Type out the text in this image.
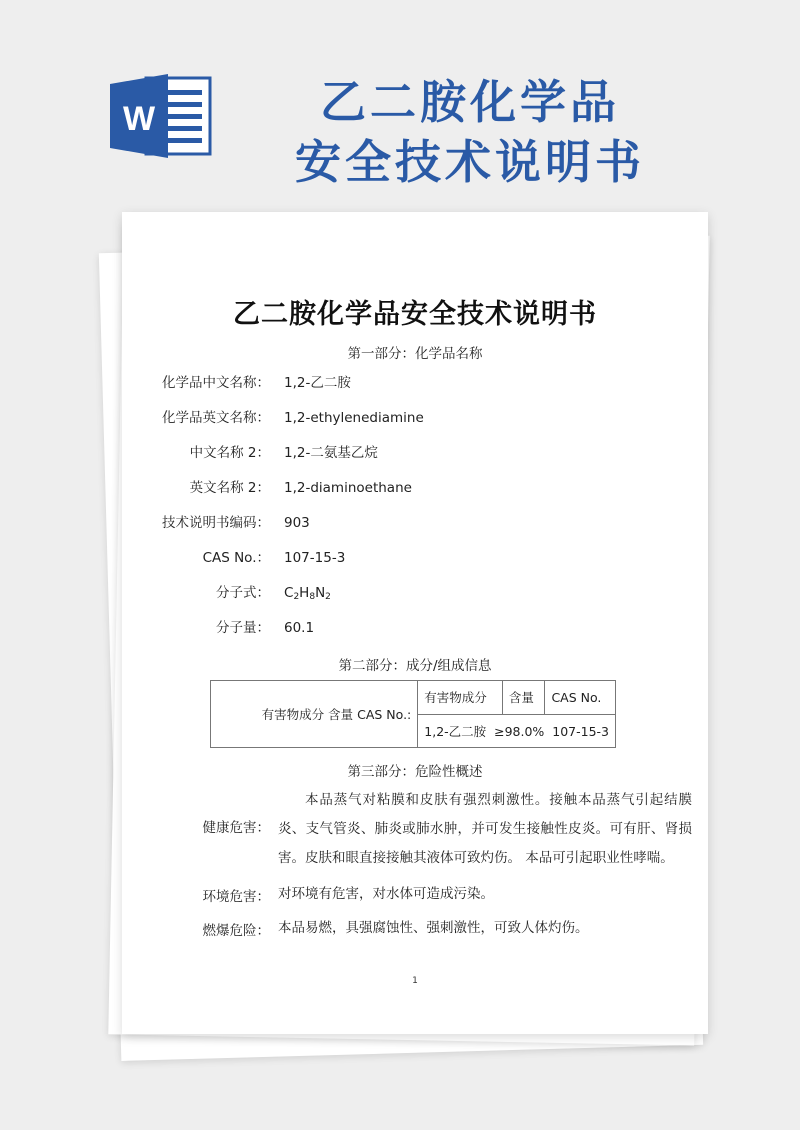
W	乙二胺化学品
安全技术说明书
乙二胺化学品安全技术说明书
第一部分：化学品名称
化学品中文名称： 1,2-乙二胺
化学品英文名称： 1,2-ethylenediamine
中文名称 2： 1,2-二氨基乙烷
英文名称 2： 1,2-diaminoethane
技术说明书编码： 903
CAS No.： 107-15-3
分子式： $C_2H_8N_2$
分子量： 60.1
第二部分：成分/组成信息
有害物成分 含量 CAS No.:	有害物成分	含量	CAS No.
1,2-乙二胺 ≥98.0% 107-15-3
第三部分：危险性概述
健康危害：
本品蒸气对粘膜和皮肤有强烈刺激性。接触本品蒸气引起结膜炎、支气管炎、肺炎或肺水肿，并可发生接触性皮炎。可有肝、肾损害。皮肤和眼直接接触其液体可致灼伤。 本品可引起职业性哮喘。
环境危害： 对环境有危害，对水体可造成污染。
燃爆危险： 本品易燃，具强腐蚀性、强刺激性，可致人体灼伤。
1
